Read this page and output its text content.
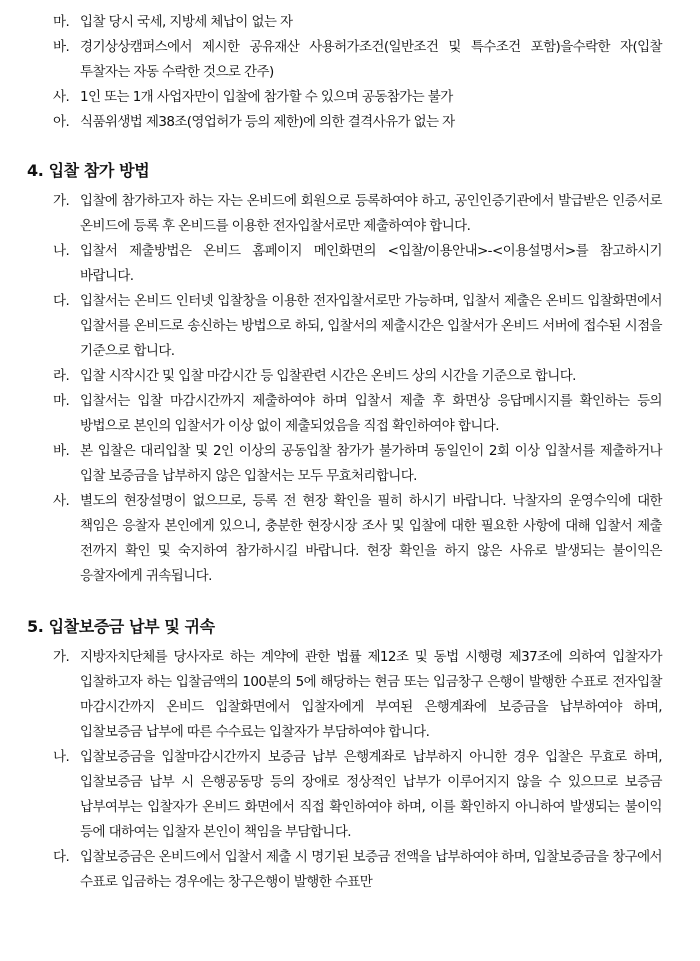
마. 입찰 당시 국세, 지방세 체납이 없는 자
바. 경기상상캠퍼스에서 제시한 공유재산 사용허가조건(일반조건 및 특수조건 포함)을수락한 자(입찰 투찰자는 자동 수락한 것으로 간주)
사. 1인 또는 1개 사업자만이 입찰에 참가할 수 있으며 공동참가는 불가
아. 식품위생법 제38조(영업허가 등의 제한)에 의한 결격사유가 없는 자
4. 입찰 참가 방법
가. 입찰에 참가하고자 하는 자는 온비드에 회원으로 등록하여야 하고, 공인인증기관에서 발급받은 인증서로 온비드에 등록 후 온비드를 이용한 전자입찰서로만 제출하여야 합니다.
나. 입찰서 제출방법은 온비드 홈페이지 메인화면의 <입찰/이용안내>-<이용설명서>를 참고하시기 바랍니다.
다. 입찰서는 온비드 인터넷 입찰창을 이용한 전자입찰서로만 가능하며, 입찰서 제출은 온비드 입찰화면에서 입찰서를 온비드로 송신하는 방법으로 하되, 입찰서의 제출시간은 입찰서가 온비드 서버에 접수된 시점을 기준으로 합니다.
라. 입찰 시작시간 및 입찰 마감시간 등 입찰관련 시간은 온비드 상의 시간을 기준으로 합니다.
마. 입찰서는 입찰 마감시간까지 제출하여야 하며 입찰서 제출 후 화면상 응답메시지를 확인하는 등의 방법으로 본인의 입찰서가 이상 없이 제출되었음을 직접 확인하여야 합니다.
바. 본 입찰은 대리입찰 및 2인 이상의 공동입찰 참가가 불가하며 동일인이 2회 이상 입찰서를 제출하거나 입찰 보증금을 납부하지 않은 입찰서는 모두 무효처리합니다.
사. 별도의 현장설명이 없으므로, 등록 전 현장 확인을 필히 하시기 바랍니다. 낙찰자의 운영수익에 대한 책임은 응찰자 본인에게 있으니, 충분한 현장시장 조사 및 입찰에 대한 필요한 사항에 대해 입찰서 제출 전까지 확인 및 숙지하여 참가하시길 바랍니다. 현장 확인을 하지 않은 사유로 발생되는 불이익은 응찰자에게 귀속됩니다.
5. 입찰보증금 납부 및 귀속
가. 지방자치단체를 당사자로 하는 계약에 관한 법률 제12조 및 동법 시행령 제37조에 의하여 입찰자가 입찰하고자 하는 입찰금액의 100분의 5에 해당하는 현금 또는 입금창구 은행이 발행한 수표로 전자입찰 마감시간까지 온비드 입찰화면에서 입찰자에게 부여된 은행계좌에 보증금을 납부하여야 하며, 입찰보증금 납부에 따른 수수료는 입찰자가 부담하여야 합니다.
나. 입찰보증금을 입찰마감시간까지 보증금 납부 은행계좌로 납부하지 아니한 경우 입찰은 무효로 하며, 입찰보증금 납부 시 은행공동망 등의 장애로 정상적인 납부가 이루어지지 않을 수 있으므로 보증금 납부여부는 입찰자가 온비드 화면에서 직접 확인하여야 하며, 이를 확인하지 아니하여 발생되는 불이익 등에 대하여는 입찰자 본인이 책임을 부담합니다.
다. 입찰보증금은 온비드에서 입찰서 제출 시 명기된 보증금 전액을 납부하여야 하며, 입찰보증금을 창구에서 수표로 입금하는 경우에는 창구은행이 발행한 수표만
